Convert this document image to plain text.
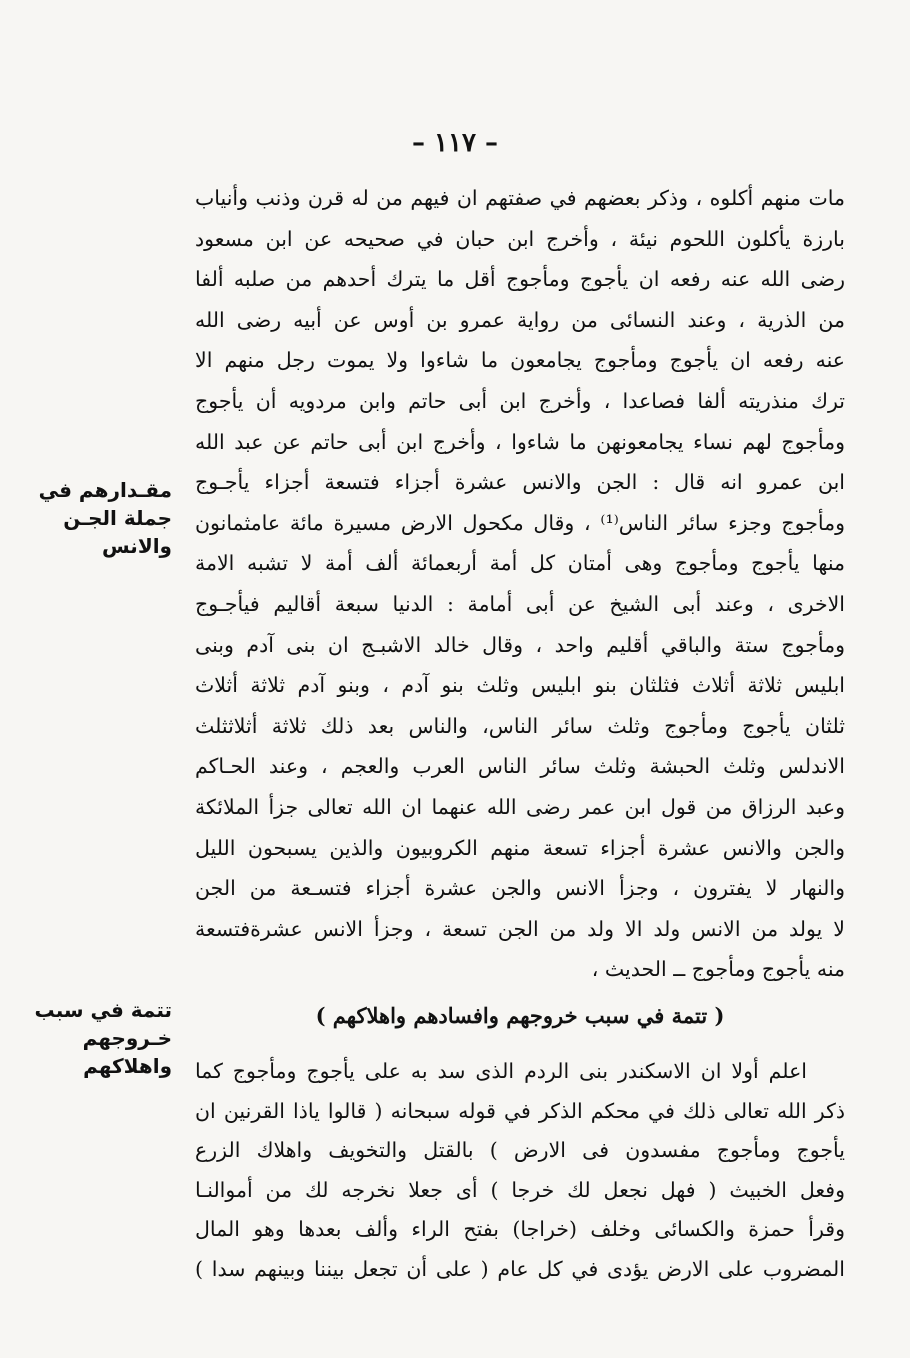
– ١١٧ –
مقـدارهم في
جملة الجـن
والانس
تتمة في سبب
خـروجهم
واهلاكهم
مات منهم أكلوه ، وذكر بعضهم في صفتهم ان فيهم من له قرن وذنب وأنياب
بارزة يأكلون اللحوم نيئة ، وأخرج ابن حبان في صحيحه عن ابن مسعود
رضى الله عنه رفعه ان يأجوج ومأجوج أقل ما يترك أحدهم من صلبه ألفا
من الذرية ، وعند النسائى من رواية عمرو بن أوس عن أبيه رضى الله
عنه رفعه ان يأجوج ومأجوج يجامعون ما شاءوا ولا يموت رجل منهم الا
ترك منذريته ألفا فصاعدا ، وأخرج ابن أبى حاتم وابن مردويه أن يأجوج
ومأجوج لهم نساء يجامعونهن ما شاءوا ، وأخرج ابن أبى حاتم عن عبد الله
ابن عمرو انه قال : الجن والانس عشرة أجزاء فتسعة أجزاء يأجـوج
ومأجوج وجزء سائر الناس⁽¹⁾ ، وقال مكحول الارض مسيرة مائة عامثمانون
منها يأجوج ومأجوج وهى أمتان كل أمة أربعمائة ألف أمة لا تشبه الامة
الاخرى ، وعند أبى الشيخ عن أبى أمامة : الدنيا سبعة أقاليم فيأجـوج
ومأجوج ستة والباقي أقليم واحد ، وقال خالد الاشبـج ان بنى آدم وبنى
ابليس ثلاثة أثلاث فثلثان بنو ابليس وثلث بنو آدم ، وبنو آدم ثلاثة أثلاث
ثلثان يأجوج ومأجوج وثلث سائر الناس، والناس بعد ذلك ثلاثة أثلاثثلث
الاندلس وثلث الحبشة وثلث سائر الناس العرب والعجم ، وعند الحـاكم
وعبد الرزاق من قول ابن عمر رضى الله عنهما ان الله تعالى جزأ الملائكة
والجن والانس عشرة أجزاء تسعة منهم الكروبيون والذين يسبحون الليل
والنهار لا يفترون ، وجزأ الانس والجن عشرة أجزاء فتسـعة من الجن
لا يولد من الانس ولد الا ولد من الجن تسعة ، وجزأ الانس عشرةفتسعة
منه يأجوج ومأجوج ــ الحديث ،
( تتمة في سبب خروجهم وافسادهم واهلاكهم )
اعلم أولا ان الاسكندر بنى الردم الذى سد به على يأجوج ومأجوج كما
ذكر الله تعالى ذلك في محكم الذكر في قوله سبحانه ( قالوا ياذا القرنين ان
يأجوج ومأجوج مفسدون فى الارض ) بالقتل والتخويف واهلاك الزرع
وفعل الخبيث ( فهل نجعل لك خرجا ) أى جعلا نخرجه لك من أموالنـا
وقرأ حمزة والكسائى وخلف (خراجا) بفتح الراء وألف بعدها وهو المال
المضروب على الارض يؤدى في كل عام ( على أن تجعل بيننا وبينهم سدا )
